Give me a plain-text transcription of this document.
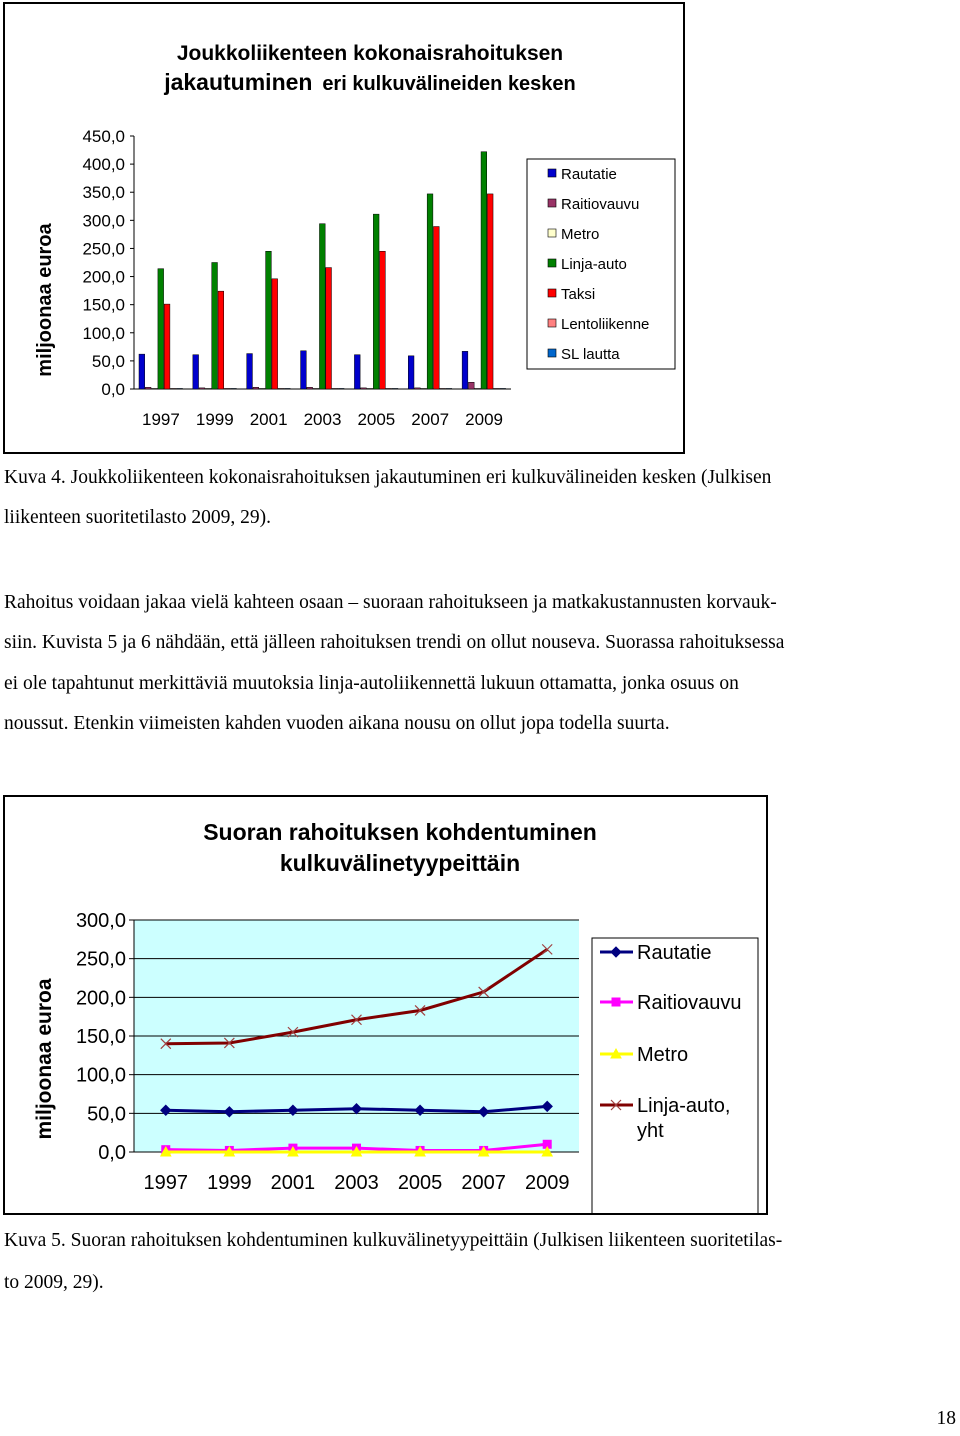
Joukkoliikenteen kokonaisrahoituksen
jakautuminen eri kulkuvälineiden kesken
miljoonaa euroa
0,0
50,0
100,0
150,0
200,0
250,0
300,0
350,0
400,0
450,0
1997 1999 2001 2003 2005 2007 2009
Rautatie
Raitiovauvu
Metro
Linja-auto
Taksi
Lentoliikenne
SL lautta
Kuva 4. Joukkoliikenteen kokonaisrahoituksen jakautuminen eri kulkuvälineiden kesken (Julkisen
liikenteen suoritetilasto 2009, 29).
Rahoitus voidaan jakaa vielä kahteen osaan – suoraan rahoitukseen ja matkakustannusten korvauk-
siin. Kuvista 5 ja 6 nähdään, että jälleen rahoituksen trendi on ollut nouseva. Suorassa rahoituksessa
ei ole tapahtunut merkittäviä muutoksia linja-autoliikennettä lukuun ottamatta, jonka osuus on
noussut. Etenkin viimeisten kahden vuoden aikana nousu on ollut jopa todella suurta.
Suoran rahoituksen kohdentuminen
kulkuvälinetyypeittäin
miljoonaa euroa
0,0
50,0
100,0
150,0
200,0
250,0
300,0
1997 1999 2001 2003 2005 2007 2009
Rautatie
Raitiovauvu
Metro
Linja-auto, yht
Kuva 5. Suoran rahoituksen kohdentuminen kulkuvälinetyypeittäin (Julkisen liikenteen suoritetilas-
to 2009, 29).
18
